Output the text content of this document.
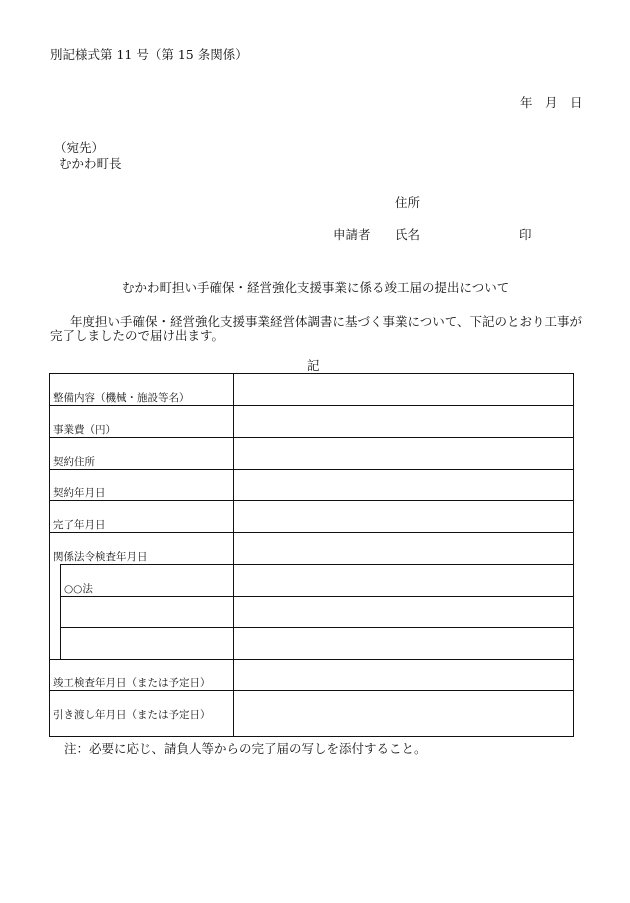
別記様式第 11 号（第 15 条関係）
年　月　日
（宛先）
むかわ町長
住所
申請者 氏名	印
むかわ町担い手確保・経営強化支援事業に係る竣工届の提出について
年度担い手確保・経営強化支援事業経営体調書に基づく事業について、下記のとおり工事が
完了しましたので届け出ます。
記
整備内容（機械・施設等名）
事業費（円）
契約住所
契約年月日
完了年月日
関係法令検査年月日
○○法
竣工検査年月日（または予定日）
引き渡し年月日（または予定日）
注：必要に応じ、請負人等からの完了届の写しを添付すること。
